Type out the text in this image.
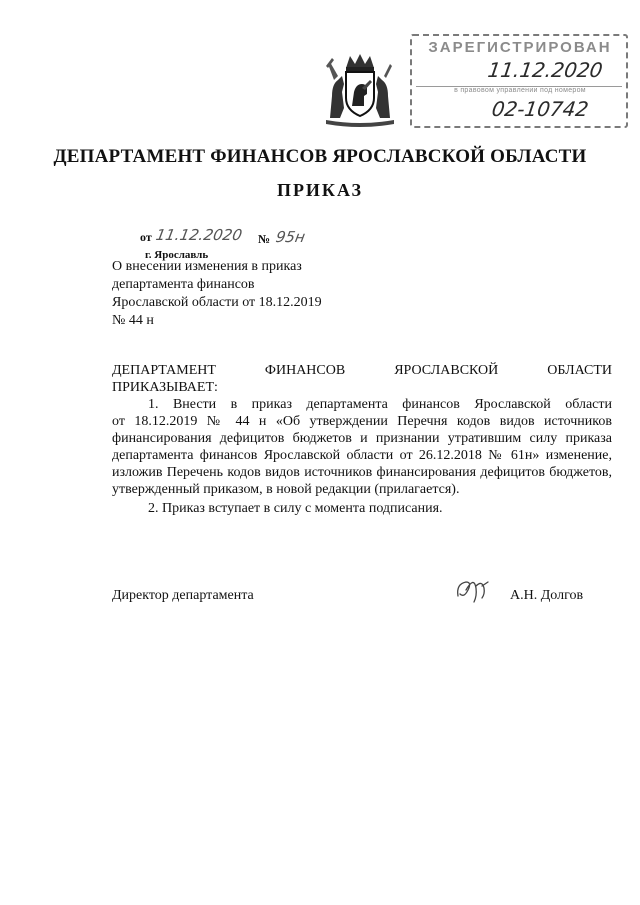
ЗАРЕГИСТРИРОВАН
11.12.2020
в правовом управлении под номером
02-10742
ДЕПАРТАМЕНТ ФИНАНСОВ ЯРОСЛАВСКОЙ ОБЛАСТИ
ПРИКАЗ
от 11.12.2020 № 95н
г. Ярославль
О внесении изменения в приказ
департамента финансов
Ярославской области от 18.12.2019
№ 44 н
ДЕПАРТАМЕНТ ФИНАНСОВ ЯРОСЛАВСКОЙ ОБЛАСТИ
ПРИКАЗЫВАЕТ:
1. Внести в приказ департамента финансов Ярославской области
от 18.12.2019 № 44 н «Об утверждении Перечня кодов видов источников финансирования дефицитов бюджетов и признании утратившим силу приказа департамента финансов Ярославской области от 26.12.2018 № 61н» изменение, изложив Перечень кодов видов источников финансирования дефицитов бюджетов, утвержденный приказом, в новой редакции (прилагается).
2. Приказ вступает в силу с момента подписания.
Директор департамента	А.Н. Долгов
